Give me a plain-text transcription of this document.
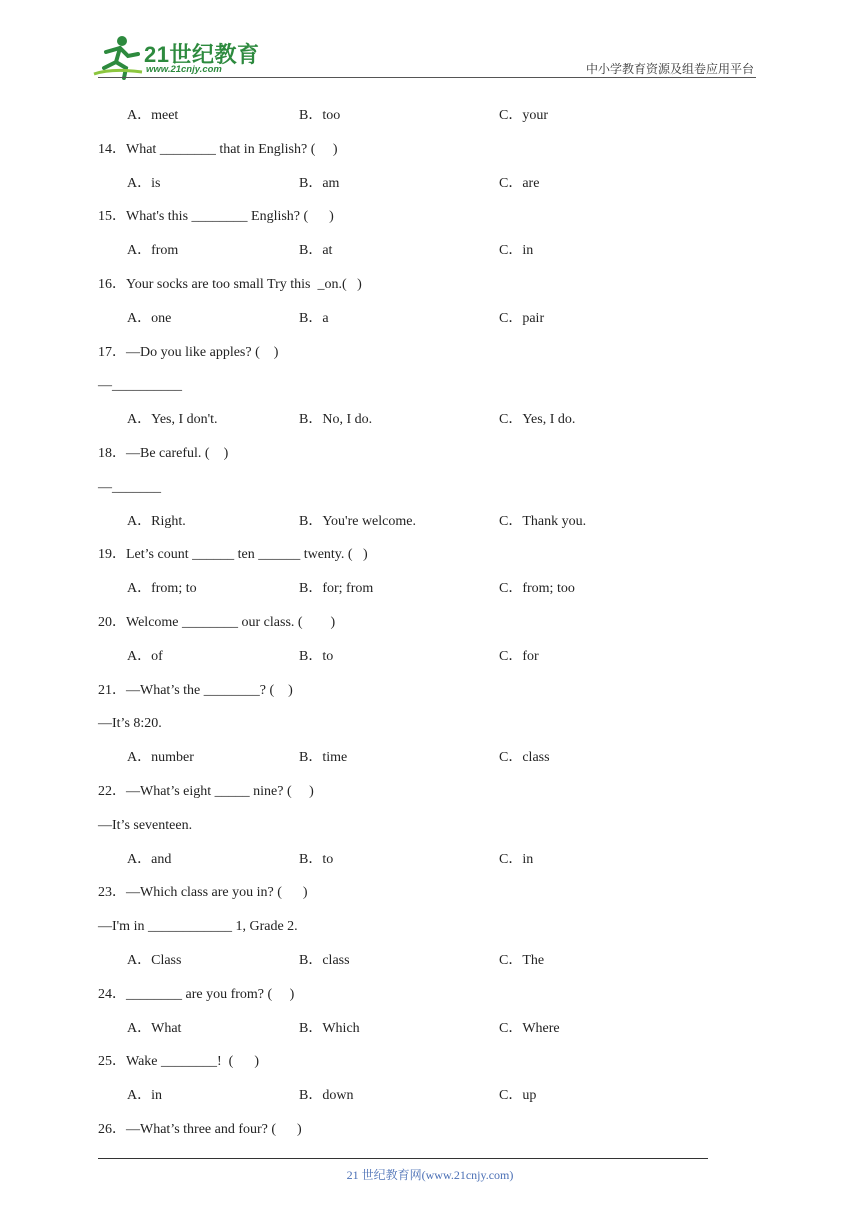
21世纪教育
www.21cnjy.com	中小学教育资源及组卷应用平台
A．meet	B．too	C．your
14．What ________ that in English? (     )
A．is	B．am	C．are
15．What's this ________ English? (      )
A．from	B．at	C．in
16．Your socks are too small Try this  _on.(   )
A．one	B．a	C．pair
17．—Do you like apples? (    )
—__________
A．Yes, I don't.	B．No, I do.	C．Yes, I do.
18．—Be careful. (    )
—_______
A．Right.	B．You're welcome.	C．Thank you.
19．Let’s count ______ ten ______ twenty. (   )
A．from; to	B．for; from	C．from; too
20．Welcome ________ our class. (        )
A．of	B．to	C．for
21．—What’s the ________? (    )
—It’s 8:20.
A．number	B．time	C．class
22．—What’s eight _____ nine? (     )
—It’s seventeen.
A．and	B．to	C．in
23．—Which class are you in? (      )
—I'm in ____________ 1, Grade 2.
A．Class	B．class	C．The
24．________ are you from? (     )
A．What	B．Which	C．Where
25．Wake ________!  (      )
A．in	B．down	C．up
26．—What’s three and four? (      )
21 世纪教育网(www.21cnjy.com)
